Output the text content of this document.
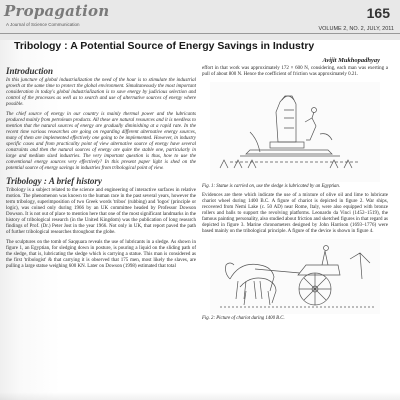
Propagation
A Journal of Science Communication
165
VOLUME 2, NO. 2, JULY, 2011
Tribology : A Potential Source of Energy Savings in Industry
Avijit Mukhopadhyay
Introduction

In this juncture of global industrialization the need of the hour is to stimulate the industrial growth at the same time to protect the global environment. Simultaneously the most important consideration in today's global industrialization is to save energy by judicious selection and control of the processes as well as to search and use of alternative sources of energy where possible.

The chief source of energy in our country is mainly thermal power and the lubricants produced mainly from petroleum products. All these are natural resources and it is needless to mention that the natural sources of energy are gradually diminishing at a rapid rate. In the recent time various researches are going on regarding different alternative energy sources, many of them are implemented effectively one going to be implemented. However, in industry specific cases and from practicality point of view alternative source of energy have several constraints and then the natural sources of energy are quite the stable one, particularly in large and medium sized industries. The very important question is thus, how to use the conventional energy sources very effectively? In this present paper light is shed on the potential source of energy savings in industries from tribological point of view.

Tribology : A brief history

Tribology is a subject related to the science and engineering of interactive surfaces in relative motion. The phenomenon was known to the human race in the past several years, however the term tribology, superimposition of two Greek words 'tribos' (rubbing) and 'logos' (principle or logic), was coined only during 1966 by an UK committee headed by Professor Dowson Dowson. It is not out of place to mention here that one of the most significant landmarks in the history of tribological research (in the United Kingdom) was the publication of long research findings of Prof. (Dr.) Peter Jost in the year 1966. Not only in UK, that report paved the path of further tribological researches throughout the globe.

The sculptures on the tomb of Saqquara reveals the use of lubricants in a sledge. As shown in figure 1, an Egyptian, for sledging down in posture, is pouring a liquid on the sliding path of the sledge, that is, lubricating the sledge which is carrying a statue. This man is considered as the first 'tribologist' & that carrying it is observed that 175 men, most likely the slaves, are pulling a large statue weighing 600 KN. Later on Dowson (1998) estimated that total

effort in that work was approximately 172 × 600 N, considering, each man was exerting a pull of about 800 N. Hence the coefficient of friction was approximately 0.21.

Fig. 1: Statue is carried on, use the sledge is lubricated by an Egyptian.

Evidences are there which indicate the use of a mixture of olive oil and lime to lubricate chariot wheel during 1400 B.C. A figure of chariot is depicted in figure 2. War ships, recovered from Nemi Lake (c. 50 AD) near Rome, Italy, were also equipped with bronze rollers and balls to support the revolving platforms. Leonardo da Vinci (1452–1519), the famous painting personality, also studied about friction and sketched figures in that regard as depicted in figure 3. Marine chronometers designed by John Harrison (1693–1776) were based mainly on the tribological principle. A figure of the device is shown in figure 4.

Fig. 2: Picture of chariot during 1400 B.C.
